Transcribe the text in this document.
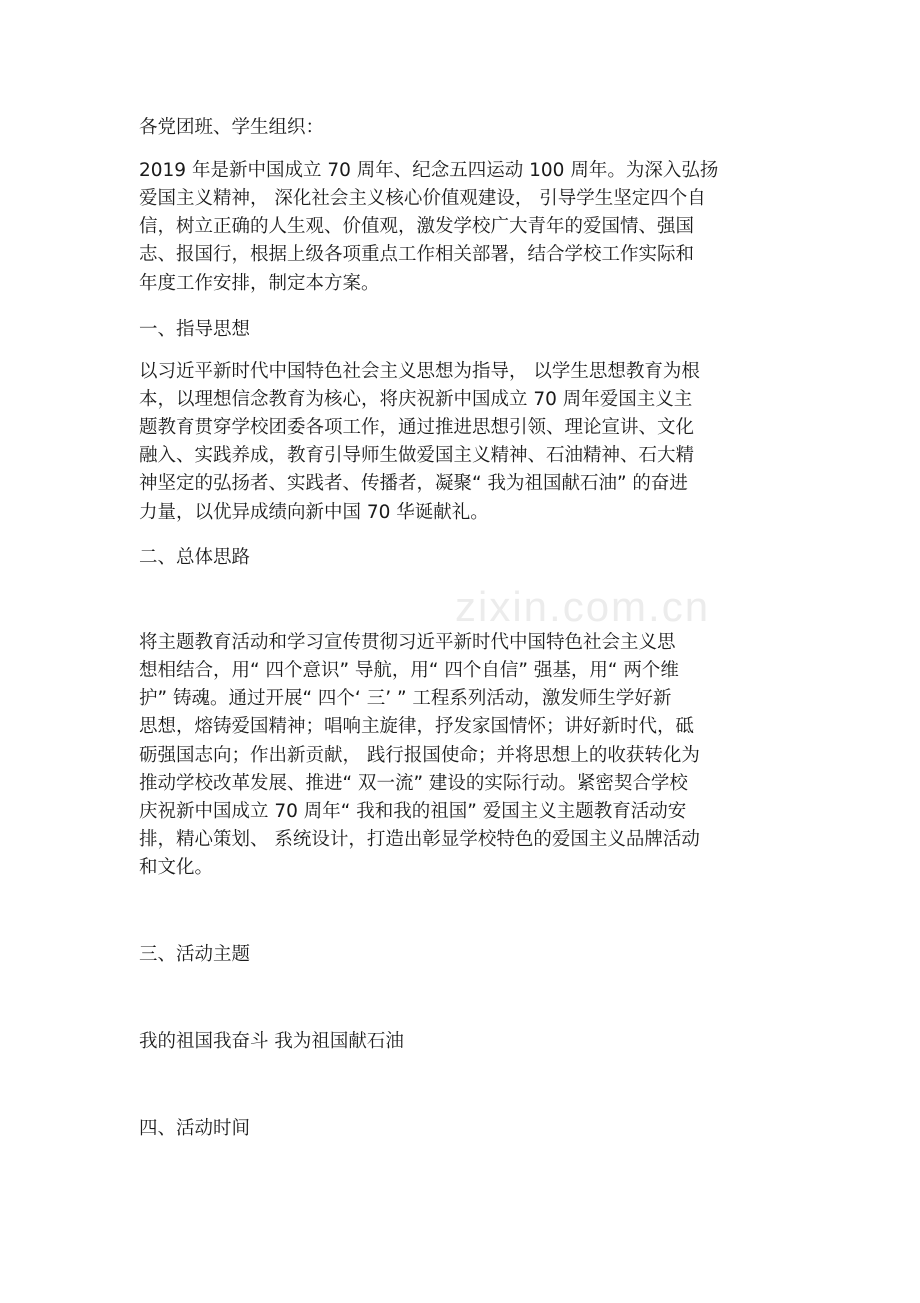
zixin.com.cn
各党团班、学生组织：
2019 年是新中国成立 70 周年、纪念五四运动 100 周年。为深入弘扬
爱国主义精神， 深化社会主义核心价值观建设， 引导学生坚定四个自
信，树立正确的人生观、价值观，激发学校广大青年的爱国情、强国
志、报国行，根据上级各项重点工作相关部署，结合学校工作实际和
年度工作安排，制定本方案。
一、指导思想
以习近平新时代中国特色社会主义思想为指导， 以学生思想教育为根
本，以理想信念教育为核心，将庆祝新中国成立 70 周年爱国主义主
题教育贯穿学校团委各项工作，通过推进思想引领、理论宣讲、文化
融入、实践养成，教育引导师生做爱国主义精神、石油精神、石大精
神坚定的弘扬者、实践者、传播者，凝聚“ 我为祖国献石油” 的奋进
力量，以优异成绩向新中国 70 华诞献礼。
二、总体思路
将主题教育活动和学习宣传贯彻习近平新时代中国特色社会主义思
想相结合，用“ 四个意识” 导航，用“ 四个自信” 强基，用“ 两个维
护” 铸魂。通过开展“ 四个‘ 三’ ” 工程系列活动，激发师生学好新
思想，熔铸爱国精神；唱响主旋律，抒发家国情怀；讲好新时代，砥
砺强国志向；作出新贡献， 践行报国使命；并将思想上的收获转化为
推动学校改革发展、推进“ 双一流” 建设的实际行动。紧密契合学校
庆祝新中国成立 70 周年“ 我和我的祖国” 爱国主义主题教育活动安
排，精心策划、 系统设计，打造出彰显学校特色的爱国主义品牌活动
和文化。
三、活动主题
我的祖国我奋斗 我为祖国献石油
四、活动时间
